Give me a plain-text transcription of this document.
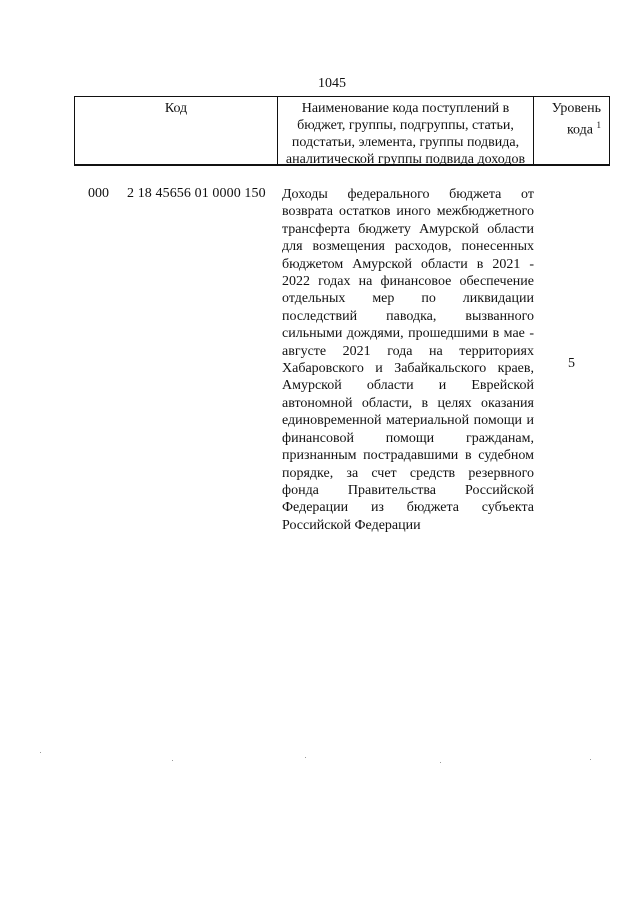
1045
Код	Наименование кода поступлений в бюджет, группы, подгруппы, статьи, подстатьи, элемента, группы подвида, аналитической группы подвида доходов
Уровень кода $^1$
000 2 18 45656 01 0000 150 Доходы федерального бюджета от возврата остатков иного межбюджетного трансферта бюджету Амурской области для возмещения расходов, понесенных бюджетом Амурской области в 2021 - 2022 годах на финансовое обеспечение отдельных мер по ликвидации последствий паводка, вызванного сильными дождями, прошедшими в мае - августе 2021 года на территориях Хабаровского и Забайкальского краев, Амурской области и Еврейской автономной области, в целях оказания единовременной материальной помощи и финансовой помощи гражданам, признанным пострадавшими в судебном порядке, за счет средств резервного фонда Правительства Российской Федерации из бюджета субъекта Российской Федерации
5
